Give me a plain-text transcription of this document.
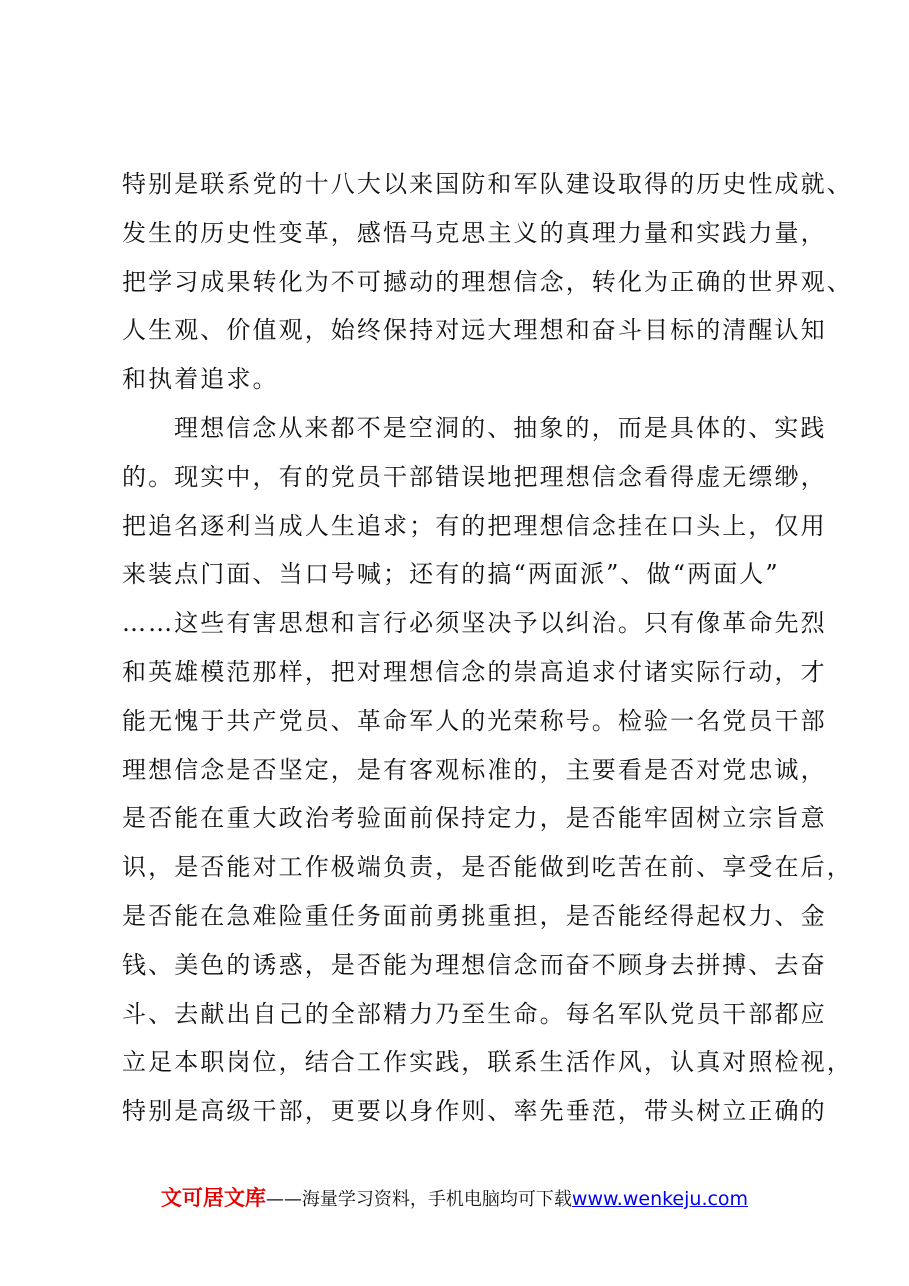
特别是联系党的十八大以来国防和军队建设取得的历史性成就、
发生的历史性变革，感悟马克思主义的真理力量和实践力量，
把学习成果转化为不可撼动的理想信念，转化为正确的世界观、
人生观、价值观，始终保持对远大理想和奋斗目标的清醒认知
和执着追求。
理想信念从来都不是空洞的、抽象的，而是具体的、实践
的。现实中，有的党员干部错误地把理想信念看得虚无缥缈，
把追名逐利当成人生追求；有的把理想信念挂在口头上，仅用
来装点门面、当口号喊；还有的搞“两面派”、做“两面人”
……这些有害思想和言行必须坚决予以纠治。只有像革命先烈
和英雄模范那样，把对理想信念的崇高追求付诸实际行动，才
能无愧于共产党员、革命军人的光荣称号。检验一名党员干部
理想信念是否坚定，是有客观标准的，主要看是否对党忠诚，
是否能在重大政治考验面前保持定力，是否能牢固树立宗旨意
识，是否能对工作极端负责，是否能做到吃苦在前、享受在后，
是否能在急难险重任务面前勇挑重担，是否能经得起权力、金
钱、美色的诱惑，是否能为理想信念而奋不顾身去拼搏、去奋
斗、去献出自己的全部精力乃至生命。每名军队党员干部都应
立足本职岗位，结合工作实践，联系生活作风，认真对照检视，
特别是高级干部，更要以身作则、率先垂范，带头树立正确的
文可居文库——海量学习资料，手机电脑均可下载www.wenkeju.com
